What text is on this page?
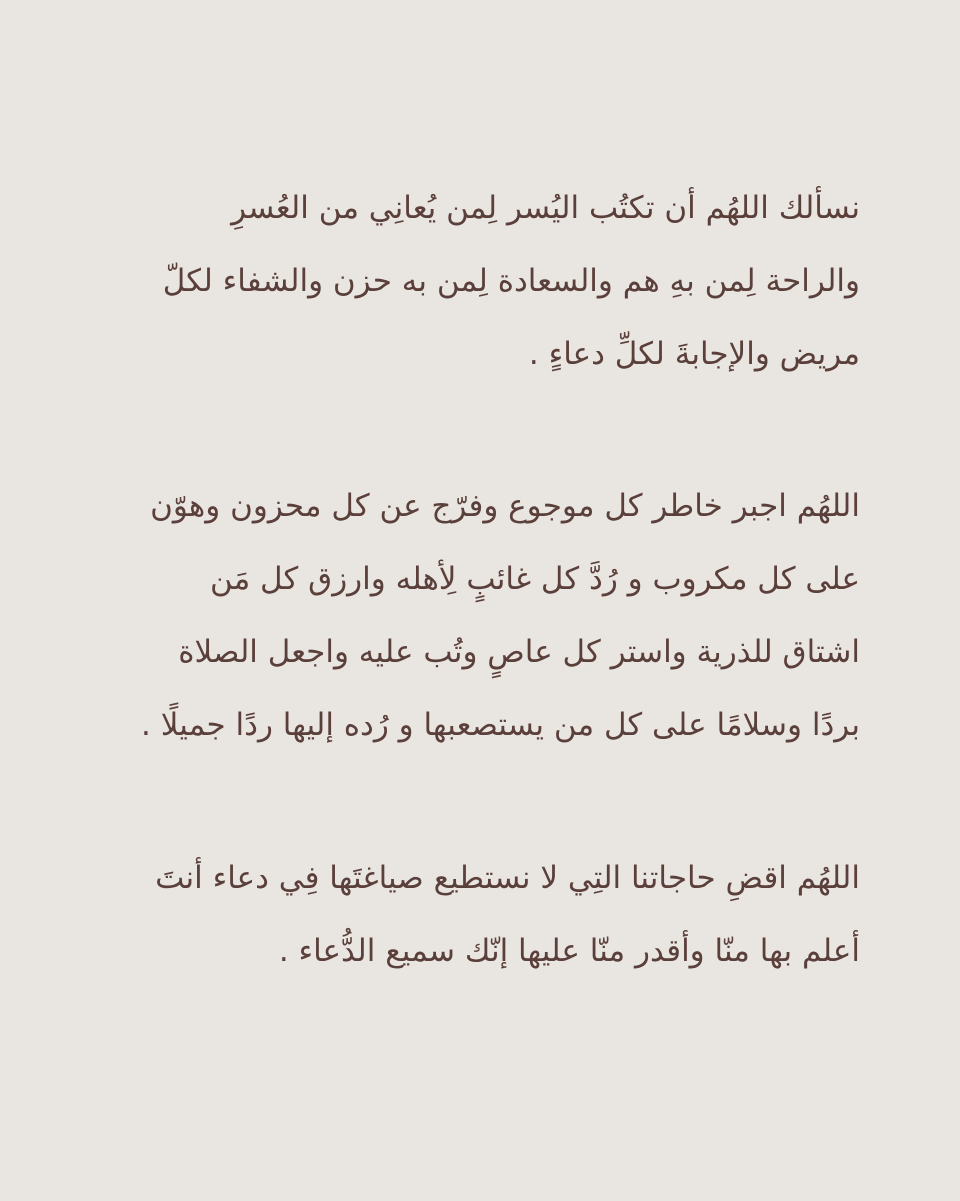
نسألك اللهُم أن تكتُب اليُسر لِمن يُعانِي من العُسرِ
والراحة لِمن بهِ هم والسعادة لِمن به حزن والشفاء لكلّ
مريض والإجابةَ لكلِّ دعاءٍ .
اللهُم اجبر خاطر كل موجوع وفرّج عن كل محزون وهوّن
على كل مكروب و رُدَّ كل غائبٍ لِأهله وارزق كل مَن
اشتاق للذرية واستر كل عاصٍ وتُب عليه واجعل الصلاة
بردًا وسلامًا على كل من يستصعبها و رُده إليها ردًا جميلًا .
اللهُم اقضِ حاجاتنا التِي لا نستطيع صياغتَها فِي دعاء أنتَ
أعلم بها منّا وأقدر منّا عليها إنّك سميع الدُّعاء .
